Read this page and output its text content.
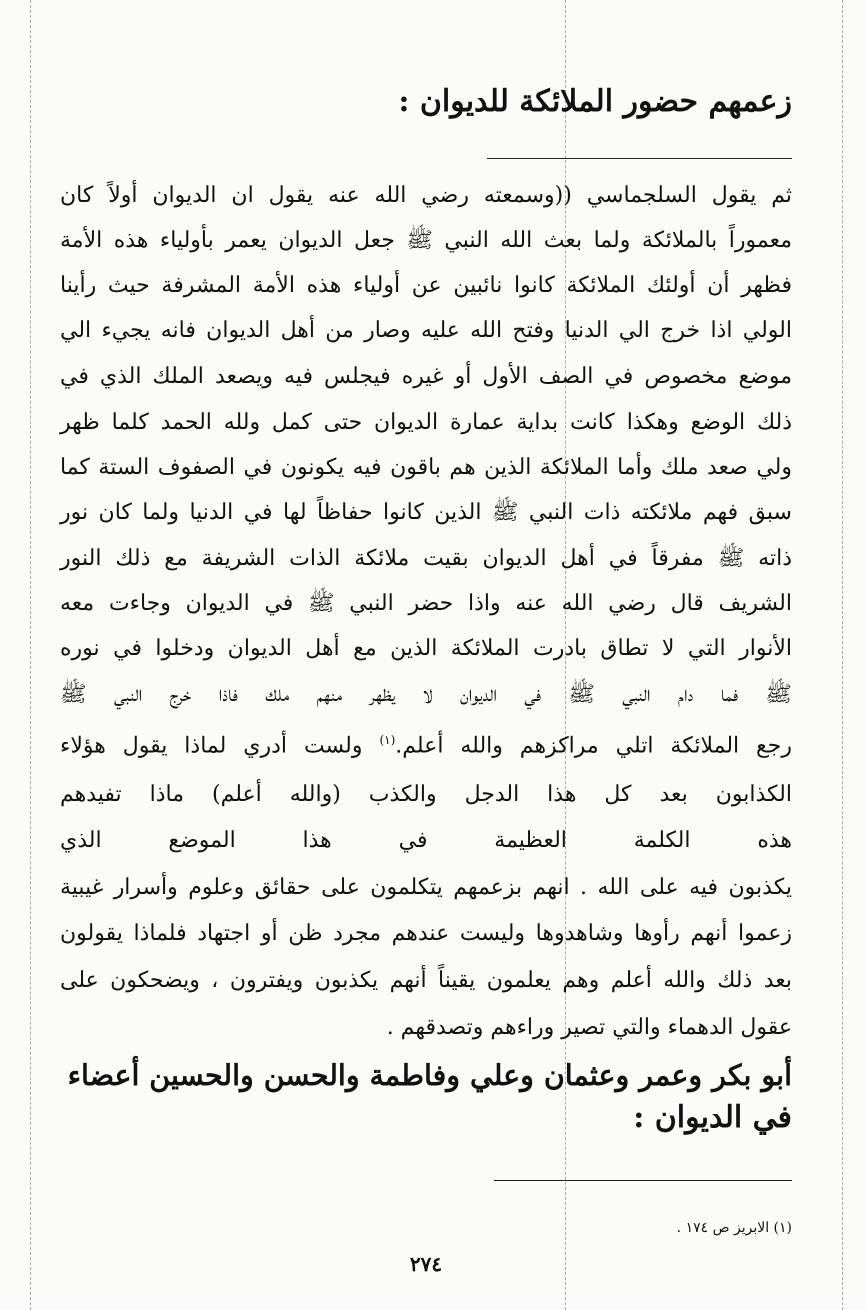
زعمهم حضور الملائكة للديوان :
ثم يقول السلجماسي ((وسمعته رضي الله عنه يقول ان الديوان أولاً كان
معموراً بالملائكة ولما بعث الله النبي ﷺ جعل الديوان يعمر بأولياء هذه الأمة
فظهر أن أولئك الملائكة كانوا نائبين عن أولياء هذه الأمة المشرفة حيث رأينا
الولي اذا خرج الي الدنيا وفتح الله عليه وصار من أهل الديوان فانه يجيء الي
موضع مخصوص في الصف الأول أو غيره فيجلس فيه ويصعد الملك الذي في
ذلك الوضع وهكذا كانت بداية عمارة الديوان حتى كمل ولله الحمد كلما ظهر
ولي صعد ملك وأما الملائكة الذين هم باقون فيه يكونون في الصفوف الستة كما
سبق فهم ملائكته ذات النبي ﷺ الذين كانوا حفاظاً لها في الدنيا ولما كان نور
ذاته ﷺ مفرقاً في أهل الديوان بقيت ملائكة الذات الشريفة مع ذلك النور
الشريف قال رضي الله عنه واذا حضر النبي ﷺ في الديوان وجاءت معه
الأنوار التي لا تطاق بادرت الملائكة الذين مع أهل الديوان ودخلوا في نوره
ﷺ فما دام النبي ﷺ في الديوان لا يظهر منهم ملك فاذا خرج النبي ﷺ
رجع الملائكة اتلي مراكزهم والله أعلم.$^{(١)}$ ولست أدري لماذا يقول هؤلاء
الكذابون بعد كل هذا الدجل والكذب (والله أعلم) ماذا تفيدهم
هذه الكلمة العظيمة في هذا الموضع الذي
يكذبون فيه على الله . انهم بزعمهم يتكلمون على حقائق وعلوم وأسرار غيبية
زعموا أنهم رأوها وشاهدوها وليست عندهم مجرد ظن أو اجتهاد فلماذا يقولون
بعد ذلك والله أعلم وهم يعلمون يقيناً أنهم يكذبون ويفترون ، ويضحكون على
عقول الدهماء والتي تصير وراءهم وتصدقهم .
أبو بكر وعمر وعثمان وعلي وفاطمة والحسن والحسين أعضاء
في الديوان :
(١) الابريز ص ١٧٤ .
٢٧٤
